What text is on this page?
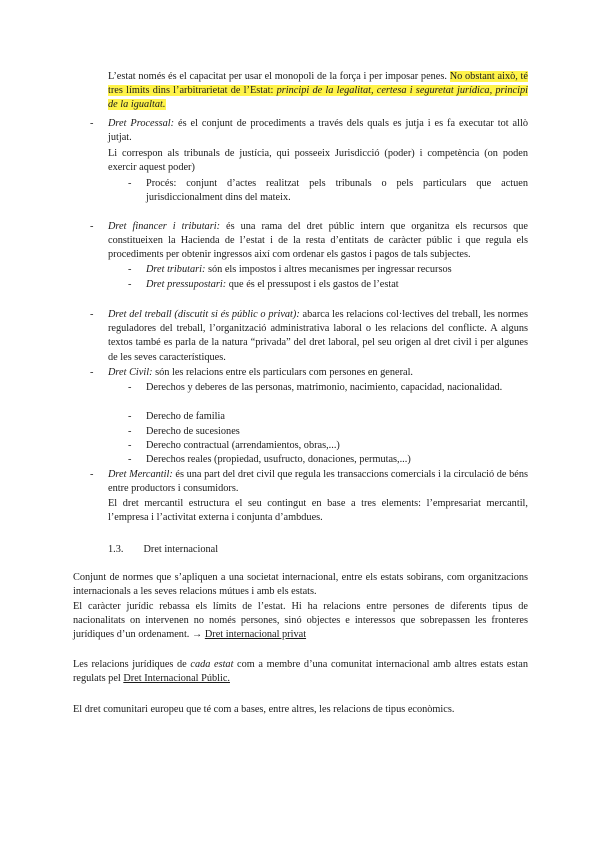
L’estat només és el capacitat per usar el monopoli de la força i per imposar penes. No obstant això, té tres límits dins l’arbitrarietat de l’Estat: principi de la legalitat, certesa i seguretat jurídica, principi de la igualtat.
-	Dret Processal: és el conjunt de procediments a través dels quals es jutja i es fa executar tot allò jutjat.
Li correspon als tribunals de justícia, qui posseeix Jurisdicció (poder) i competència (on poden exercir aquest poder)
-	Procés: conjunt d’actes realitzat pels tribunals o pels particulars que actuen jurisdiccionalment dins del mateix.
-	Dret financer i tributari: és una rama del dret públic intern que organitza els recursos que constitueixen la Hacienda de l’estat i de la resta d’entitats de caràcter públic i que regula els procediments per obtenir ingressos així com ordenar els gastos i pagos de tals subjectes.
-	Dret tributari: són els impostos i altres mecanismes per ingressar recursos
-	Dret pressupostari: que és el pressupost i els gastos de l’estat
-	Dret del treball (discutit si és públic o privat): abarca les relacions col·lectives del treball, les normes reguladores del treball, l’organització administrativa laboral o les relacions del conflicte. A alguns textos també es parla de la natura “privada” del dret laboral, pel seu origen al dret civil i per algunes de les seves característiques.
-	Dret Civil: són les relacions entre els particulars com persones en general.
-	Derechos y deberes de las personas, matrimonio, nacimiento, capacidad, nacionalidad.
-	Derecho de familia
-	Derecho de sucesiones
-	Derecho contractual (arrendamientos, obras,...)
-	Derechos reales (propiedad, usufructo, donaciones, permutas,...)
-	Dret Mercantil: és una part del dret civil que regula les transaccions comercials i la circulació de béns entre productors i consumidors.
El dret mercantil estructura el seu contingut en base a tres elements: l’empresariat mercantil, l’empresa i l’activitat externa i conjunta d’ambdues.
1.3. Dret internacional
Conjunt de normes que s’apliquen a una societat internacional, entre els estats sobirans, com organitzacions internacionals a les seves relacions mútues i amb els estats.
El caràcter jurídic rebassa els límits de l’estat. Hi ha relacions entre persones de diferents tipus de nacionalitats on intervenen no només persones, sinó objectes e interessos que sobrepassen les fronteres jurídiques d’un ordenament. → Dret internacional privat
Les relacions jurídiques de cada estat com a membre d’una comunitat internacional amb altres estats estan regulats pel Dret Internacional Públic.
El dret comunitari europeu que té com a bases, entre altres, les relacions de tipus econòmics.
